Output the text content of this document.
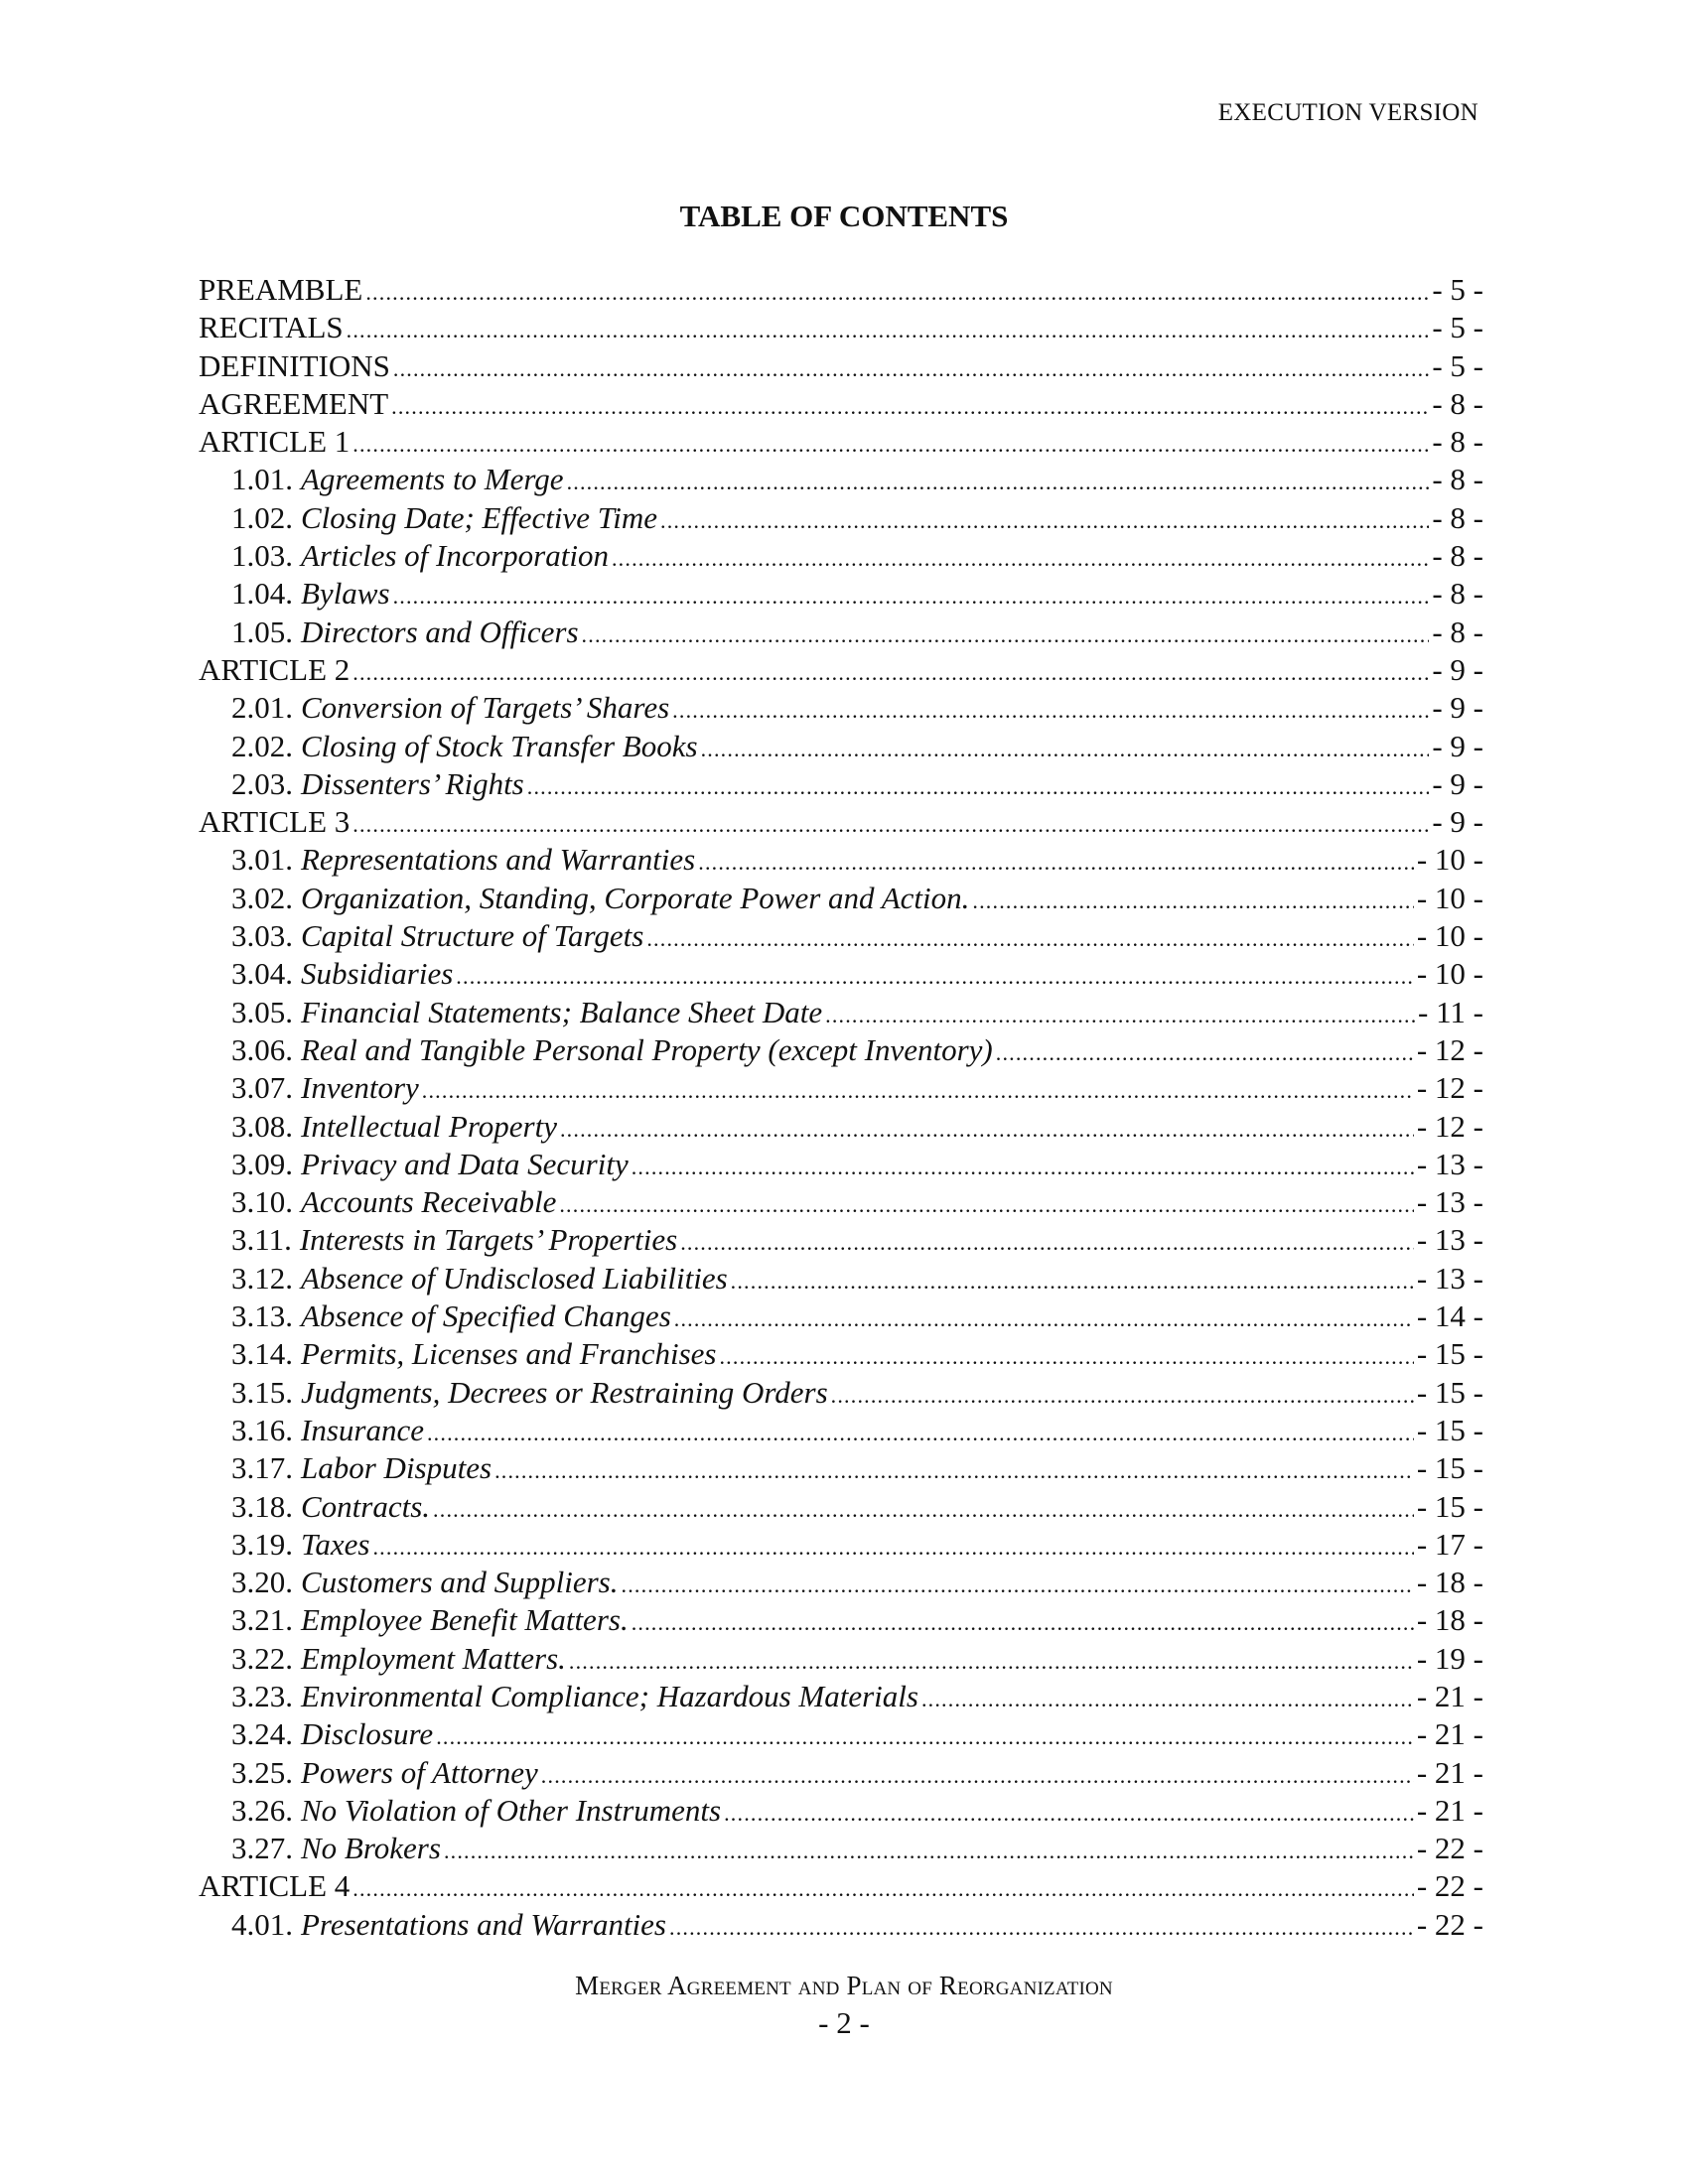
EXECUTION VERSION
TABLE OF CONTENTS
PREAMBLE .....	- 5 -
RECITALS .....	- 5 -
DEFINITIONS .....	- 5 -
AGREEMENT .....	- 8 -
ARTICLE 1 .....	- 8 -
1.01. Agreements to Merge .....	- 8 -
1.02. Closing Date; Effective Time .....	- 8 -
1.03. Articles of Incorporation .....	- 8 -
1.04. Bylaws .....	- 8 -
1.05. Directors and Officers .....	- 8 -
ARTICLE 2 .....	- 9 -
2.01. Conversion of Targets’ Shares .....	- 9 -
2.02. Closing of Stock Transfer Books .....	- 9 -
2.03. Dissenters’ Rights .....	- 9 -
ARTICLE 3 .....	- 9 -
3.01. Representations and Warranties .....	- 10 -
3.02. Organization, Standing, Corporate Power and Action. .....	- 10 -
3.03. Capital Structure of Targets .....	- 10 -
3.04. Subsidiaries .....	- 10 -
3.05. Financial Statements; Balance Sheet Date .....	- 11 -
3.06. Real and Tangible Personal Property (except Inventory) .....	- 12 -
3.07. Inventory .....	- 12 -
3.08. Intellectual Property .....	- 12 -
3.09. Privacy and Data Security .....	- 13 -
3.10. Accounts Receivable .....	- 13 -
3.11. Interests in Targets’ Properties .....	- 13 -
3.12. Absence of Undisclosed Liabilities .....	- 13 -
3.13. Absence of Specified Changes .....	- 14 -
3.14. Permits, Licenses and Franchises .....	- 15 -
3.15. Judgments, Decrees or Restraining Orders .....	- 15 -
3.16. Insurance .....	- 15 -
3.17. Labor Disputes .....	- 15 -
3.18. Contracts. .....	- 15 -
3.19. Taxes .....	- 17 -
3.20. Customers and Suppliers. .....	- 18 -
3.21. Employee Benefit Matters. .....	- 18 -
3.22. Employment Matters. .....	- 19 -
3.23. Environmental Compliance; Hazardous Materials .....	- 21 -
3.24. Disclosure .....	- 21 -
3.25. Powers of Attorney .....	- 21 -
3.26. No Violation of Other Instruments .....	- 21 -
3.27. No Brokers .....	- 22 -
ARTICLE 4 .....	- 22 -
4.01. Presentations and Warranties .....	- 22 -
Merger Agreement and Plan of Reorganization
- 2 -
